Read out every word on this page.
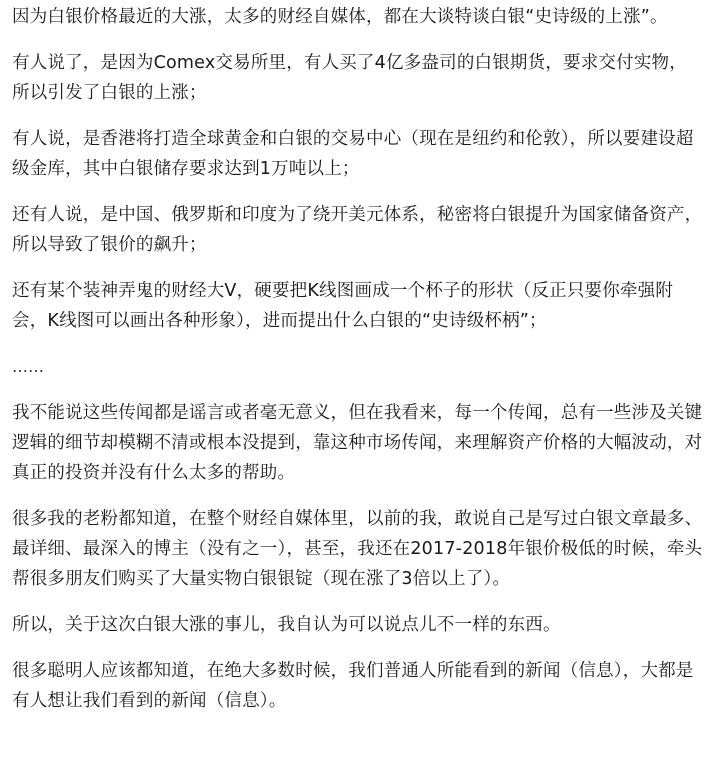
因为白银价格最近的大涨，太多的财经自媒体，都在大谈特谈白银“史诗级的上涨”。

有人说了，是因为Comex交易所里，有人买了4亿多盎司的白银期货，要求交付实物，所以引发了白银的上涨；

有人说，是香港将打造全球黄金和白银的交易中心（现在是纽约和伦敦），所以要建设超级金库，其中白银储存要求达到1万吨以上；

还有人说，是中国、俄罗斯和印度为了绕开美元体系，秘密将白银提升为国家储备资产，所以导致了银价的飙升；

还有某个装神弄鬼的财经大V，硬要把K线图画成一个杯子的形状（反正只要你牵强附会，K线图可以画出各种形象），进而提出什么白银的“史诗级杯柄”；

……

我不能说这些传闻都是谣言或者毫无意义，但在我看来，每一个传闻，总有一些涉及关键逻辑的细节却模糊不清或根本没提到，靠这种市场传闻，来理解资产价格的大幅波动，对真正的投资并没有什么太多的帮助。

很多我的老粉都知道，在整个财经自媒体里，以前的我，敢说自己是写过白银文章最多、最详细、最深入的博主（没有之一），甚至，我还在2017-2018年银价极低的时候，牵头帮很多朋友们购买了大量实物白银银锭（现在涨了3倍以上了）。

所以，关于这次白银大涨的事儿，我自认为可以说点儿不一样的东西。

很多聪明人应该都知道，在绝大多数时候，我们普通人所能看到的新闻（信息），大都是有人想让我们看到的新闻（信息）。
